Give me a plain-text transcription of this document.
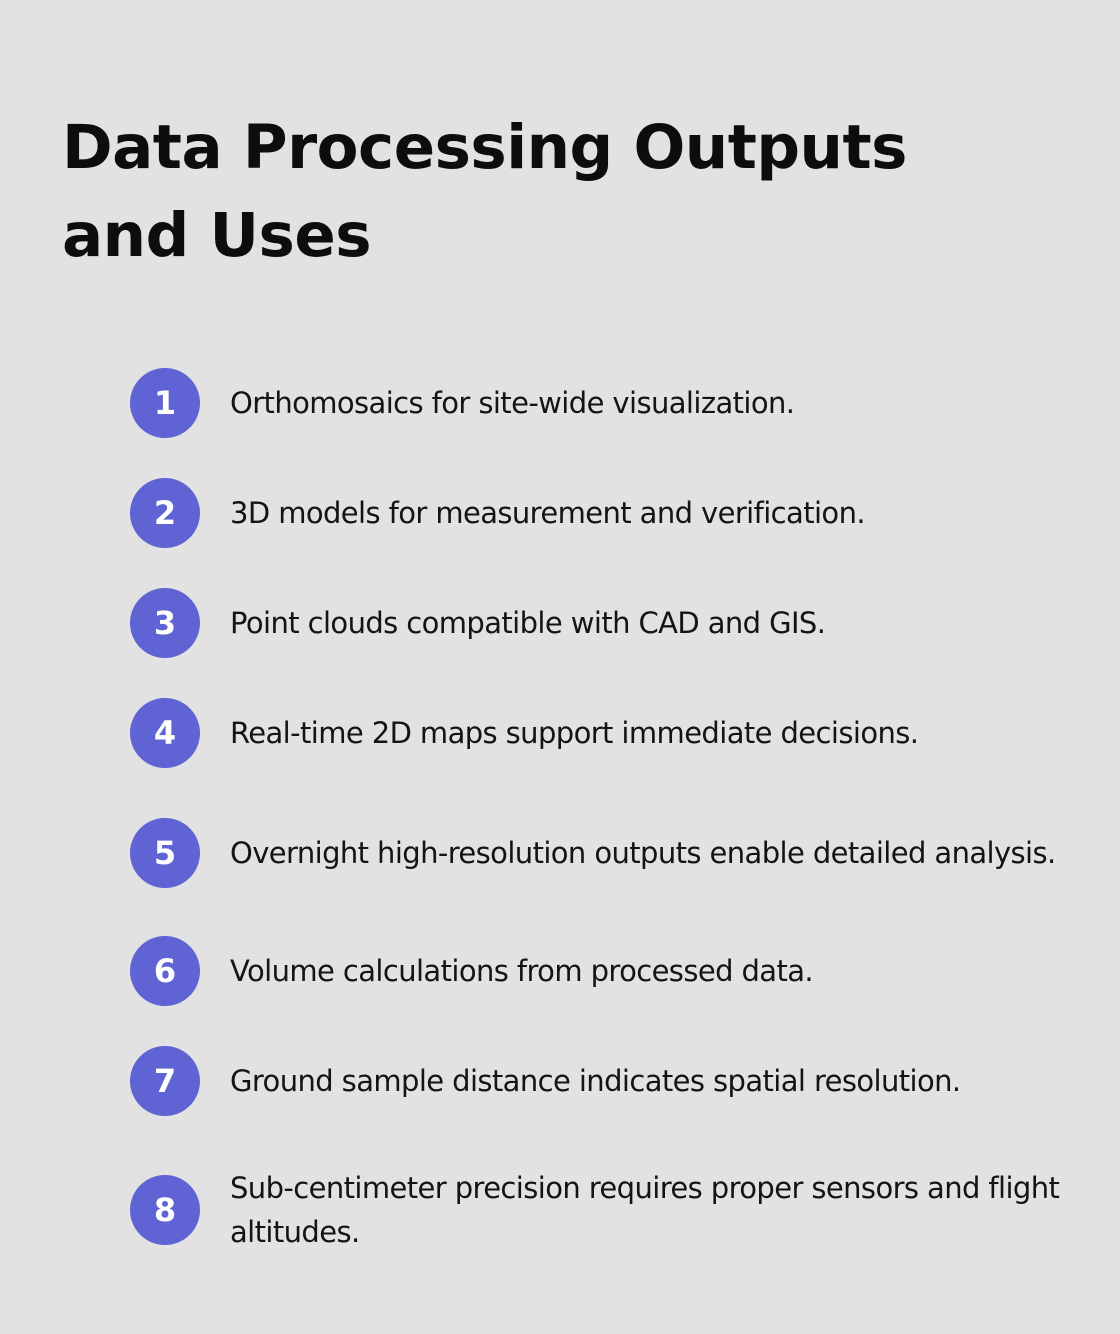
Data Processing Outputs and Uses
1	Orthomosaics for site-wide visualization.
2	3D models for measurement and verification.
3	Point clouds compatible with CAD and GIS.
4	Real-time 2D maps support immediate decisions.
5	Overnight high-resolution outputs enable detailed analysis.
6	Volume calculations from processed data.
7	Ground sample distance indicates spatial resolution.
8
Sub-centimeter precision requires proper sensors and flight altitudes.
